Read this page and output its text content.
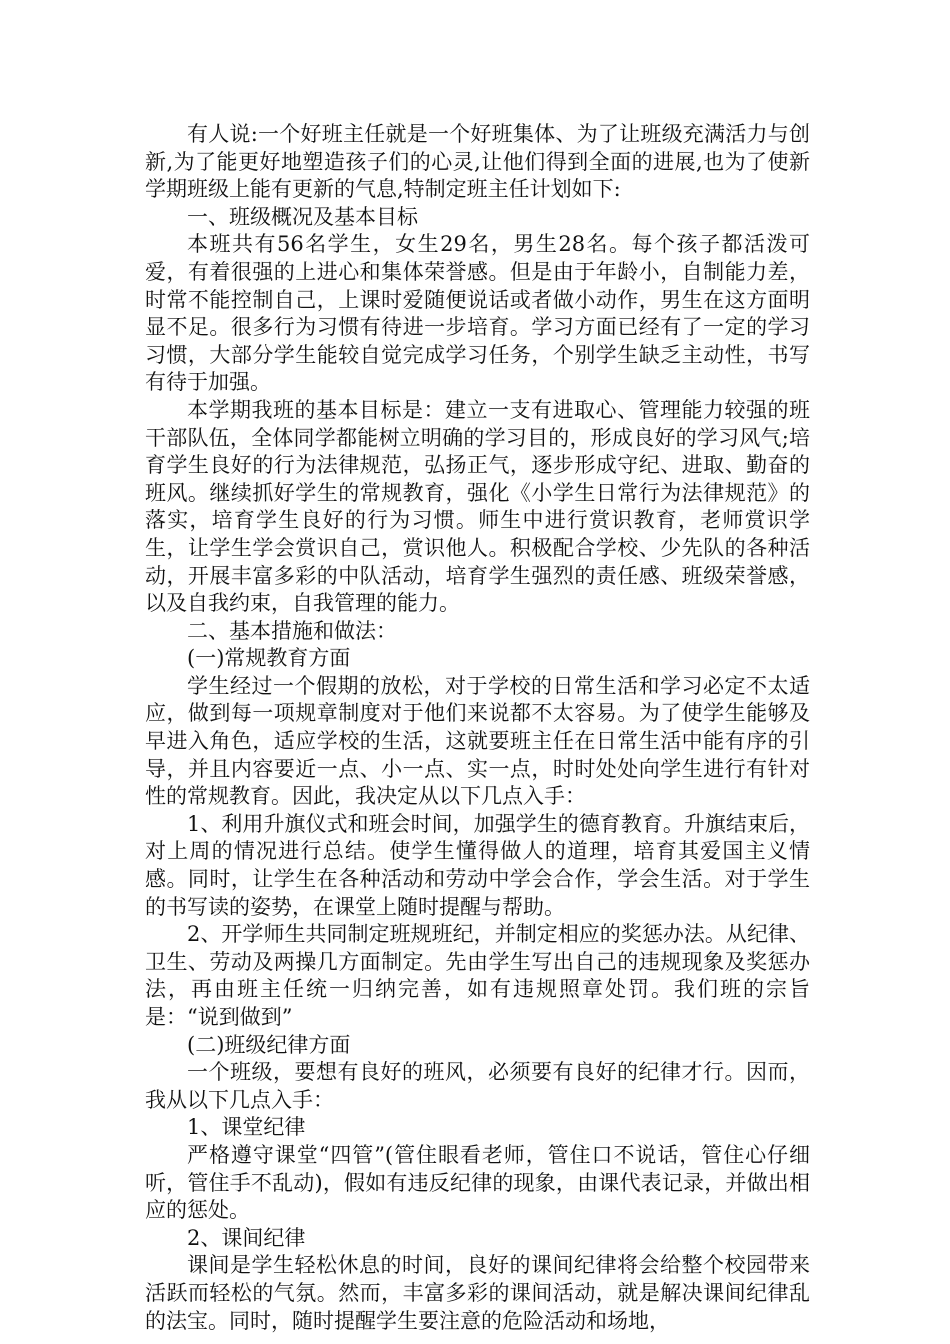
有人说:一个好班主任就是一个好班集体、为了让班级充满活力与创新,为了能更好地塑造孩子们的心灵,让他们得到全面的进展,也为了使新学期班级上能有更新的气息,特制定班主任计划如下:

一、班级概况及基本目标

本班共有56名学生，女生29名，男生28名。每个孩子都活泼可爱，有着很强的上进心和集体荣誉感。但是由于年龄小，自制能力差，时常不能控制自己，上课时爱随便说话或者做小动作，男生在这方面明显不足。很多行为习惯有待进一步培育。学习方面已经有了一定的学习习惯，大部分学生能较自觉完成学习任务，个别学生缺乏主动性，书写有待于加强。

本学期我班的基本目标是：建立一支有进取心、管理能力较强的班干部队伍，全体同学都能树立明确的学习目的，形成良好的学习风气;培育学生良好的行为法律规范，弘扬正气，逐步形成守纪、进取、勤奋的班风。继续抓好学生的常规教育，强化《小学生日常行为法律规范》的落实，培育学生良好的行为习惯。师生中进行赏识教育，老师赏识学生，让学生学会赏识自己，赏识他人。积极配合学校、少先队的各种活动，开展丰富多彩的中队活动，培育学生强烈的责任感、班级荣誉感，以及自我约束，自我管理的能力。

二、基本措施和做法：

(一)常规教育方面

学生经过一个假期的放松，对于学校的日常生活和学习必定不太适应，做到每一项规章制度对于他们来说都不太容易。为了使学生能够及早进入角色，适应学校的生活，这就要班主任在日常生活中能有序的引导，并且内容要近一点、小一点、实一点，时时处处向学生进行有针对性的常规教育。因此，我决定从以下几点入手：

1、利用升旗仪式和班会时间，加强学生的德育教育。升旗结束后，对上周的情况进行总结。使学生懂得做人的道理，培育其爱国主义情感。同时，让学生在各种活动和劳动中学会合作，学会生活。对于学生的书写读的姿势，在课堂上随时提醒与帮助。

2、开学师生共同制定班规班纪，并制定相应的奖惩办法。从纪律、卫生、劳动及两操几方面制定。先由学生写出自己的违规现象及奖惩办法，再由班主任统一归纳完善，如有违规照章处罚。我们班的宗旨是：“说到做到”

(二)班级纪律方面

一个班级，要想有良好的班风，必须要有良好的纪律才行。因而，我从以下几点入手：

1、课堂纪律

严格遵守课堂“四管”(管住眼看老师，管住口不说话，管住心仔细听，管住手不乱动)，假如有违反纪律的现象，由课代表记录，并做出相应的惩处。

2、课间纪律

课间是学生轻松休息的时间，良好的课间纪律将会给整个校园带来活跃而轻松的气氛。然而，丰富多彩的课间活动，就是解决课间纪律乱的法宝。同时，随时提醒学生要注意的危险活动和场地，
